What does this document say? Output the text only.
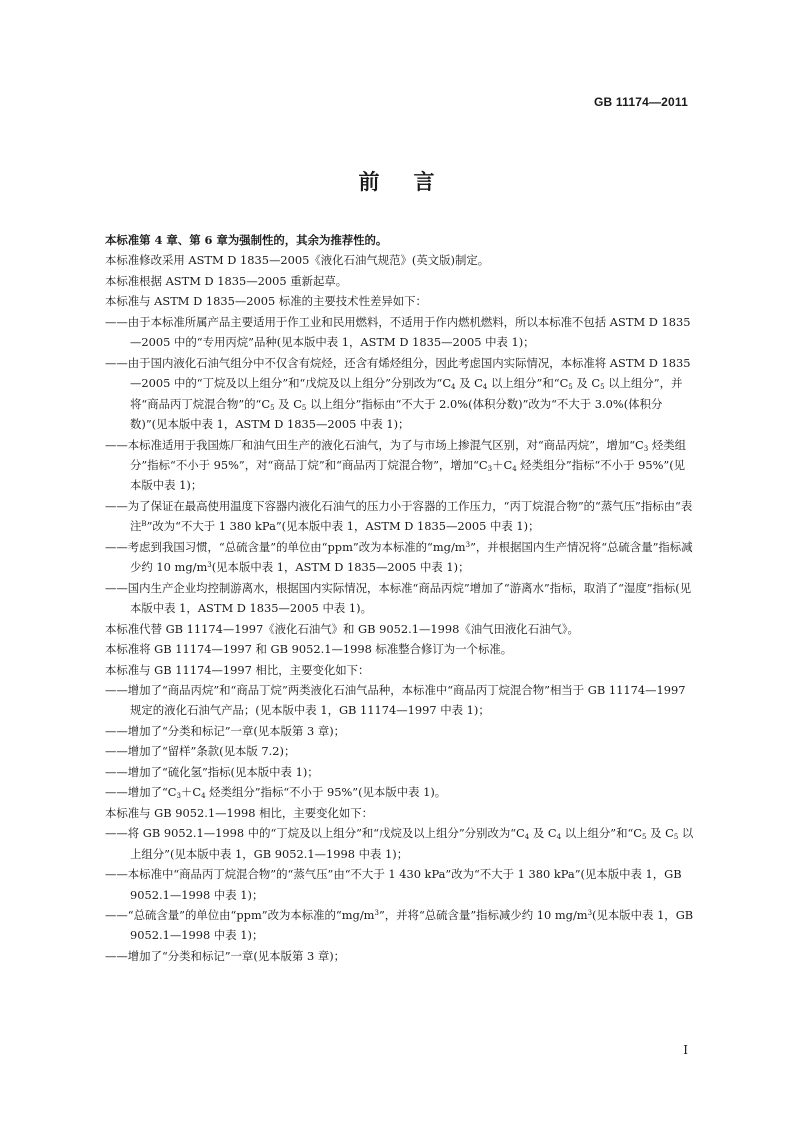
GB 11174—2011
前言

本标准第 4 章、第 6 章为强制性的，其余为推荐性的。

本标准修改采用 ASTM D 1835—2005《液化石油气规范》(英文版)制定。

本标准根据 ASTM D 1835—2005 重新起草。

本标准与 ASTM D 1835—2005 标准的主要技术性差异如下：

——由于本标准所属产品主要适用于作工业和民用燃料，不适用于作内燃机燃料，所以本标准不包括 ASTM D 1835—2005 中的“专用丙烷”品种(见本版中表 1，ASTM D 1835—2005 中表 1)；

——由于国内液化石油气组分中不仅含有烷烃，还含有烯烃组分，因此考虑国内实际情况，本标准将 ASTM D 1835—2005 中的“丁烷及以上组分”和“戊烷及以上组分”分别改为“$C_4$ 及 $C_4$ 以上组分”和“$C_5$ 及 $C_5$ 以上组分”，并将“商品丙丁烷混合物”的“$C_5$ 及 $C_5$ 以上组分”指标由“不大于 2.0%(体积分数)”改为“不大于 3.0%(体积分数)”(见本版中表 1，ASTM D 1835—2005 中表 1)；

——本标准适用于我国炼厂和油气田生产的液化石油气，为了与市场上掺混气区别，对“商品丙烷”，增加“$C_3$ 烃类组分”指标“不小于 95%”，对“商品丁烷”和“商品丙丁烷混合物”，增加“$C_3+C_4$ 烃类组分”指标“不小于 95%”(见本版中表 1)；

——为了保证在最高使用温度下容器内液化石油气的压力小于容器的工作压力，“丙丁烷混合物”的“蒸气压”指标由“表注$^B$”改为“不大于 1 380 kPa”(见本版中表 1，ASTM D 1835—2005 中表 1)；

——考虑到我国习惯，“总硫含量”的单位由“ppm”改为本标准的“$mg/m^3$”，并根据国内生产情况将“总硫含量”指标减少约 10 $mg/m^3$(见本版中表 1，ASTM D 1835—2005 中表 1)；

——国内生产企业均控制游离水，根据国内实际情况，本标准“商品丙烷”增加了“游离水”指标，取消了“湿度”指标(见本版中表 1，ASTM D 1835—2005 中表 1)。

本标准代替 GB 11174—1997《液化石油气》和 GB 9052.1—1998《油气田液化石油气》。

本标准将 GB 11174—1997 和 GB 9052.1—1998 标准整合修订为一个标准。

本标准与 GB 11174—1997 相比，主要变化如下：

——增加了“商品丙烷”和“商品丁烷”两类液化石油气品种，本标准中“商品丙丁烷混合物”相当于 GB 11174—1997 规定的液化石油气产品；(见本版中表 1，GB 11174—1997 中表 1)；

——增加了“分类和标记”一章(见本版第 3 章)；

——增加了“留样”条款(见本版 7.2)；

——增加了“硫化氢”指标(见本版中表 1)；

——增加了“$C_3+C_4$ 烃类组分”指标“不小于 95%”(见本版中表 1)。

本标准与 GB 9052.1—1998 相比，主要变化如下：

——将 GB 9052.1—1998 中的“丁烷及以上组分”和“戊烷及以上组分”分别改为“$C_4$ 及 $C_4$ 以上组分”和“$C_5$ 及 $C_5$ 以上组分”(见本版中表 1，GB 9052.1—1998 中表 1)；

——本标准中“商品丙丁烷混合物”的“蒸气压”由“不大于 1 430 kPa”改为“不大于 1 380 kPa”(见本版中表 1，GB 9052.1—1998 中表 1)；

——“总硫含量”的单位由“ppm”改为本标准的“$mg/m^3$”，并将“总硫含量”指标减少约 10 $mg/m^3$(见本版中表 1，GB 9052.1—1998 中表 1)；

——增加了“分类和标记”一章(见本版第 3 章)；

Ⅰ
